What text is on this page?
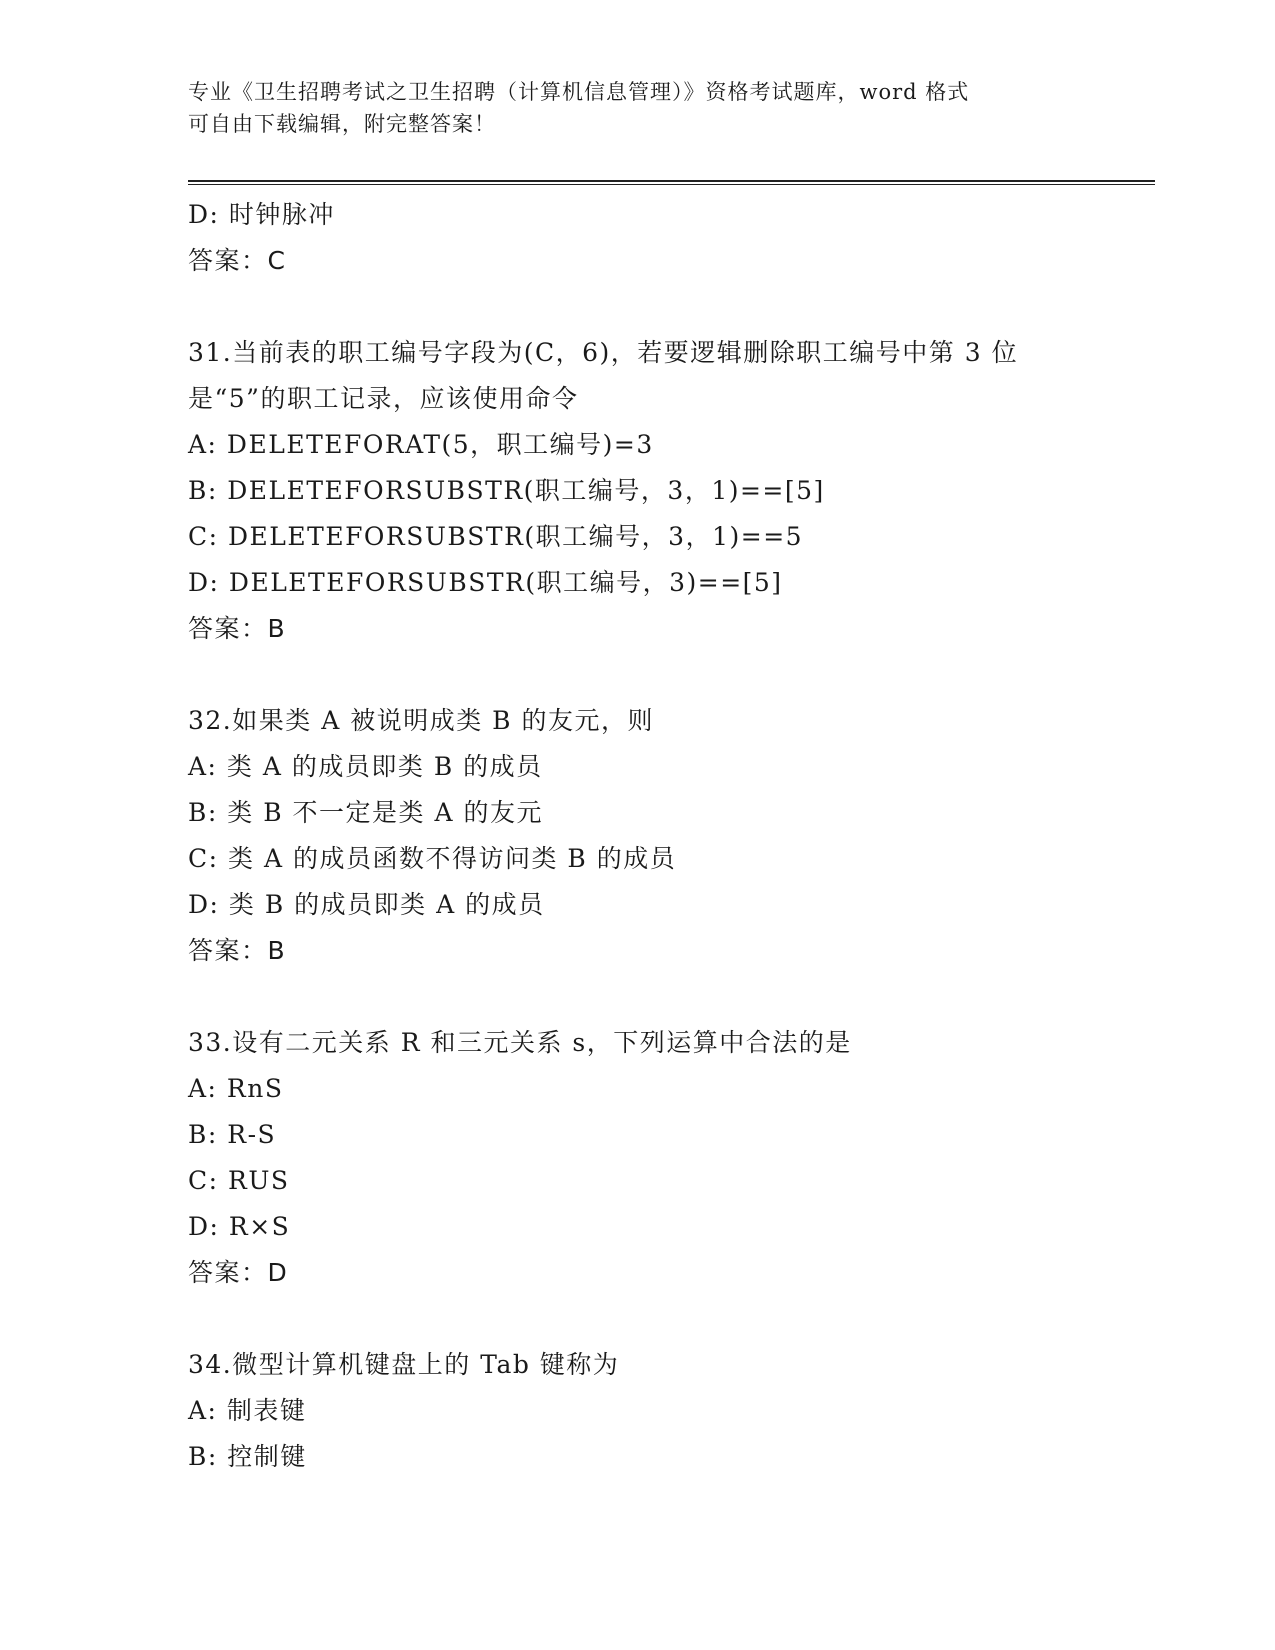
专业《卫生招聘考试之卫生招聘（计算机信息管理）》资格考试题库，word 格式
可自由下载编辑，附完整答案！
D: 时钟脉冲
答案：C
31.当前表的职工编号字段为(C，6)，若要逻辑删除职工编号中第 3 位
是“5”的职工记录，应该使用命令
A: DELETEFORAT(5，职工编号)=3
B: DELETEFORSUBSTR(职工编号，3，1)==[5]
C: DELETEFORSUBSTR(职工编号，3，1)==5
D: DELETEFORSUBSTR(职工编号，3)==[5]
答案：B
32.如果类 A 被说明成类 B 的友元，则
A: 类 A 的成员即类 B 的成员
B: 类 B 不一定是类 A 的友元
C: 类 A 的成员函数不得访问类 B 的成员
D: 类 B 的成员即类 A 的成员
答案：B
33.设有二元关系 R 和三元关系 s，下列运算中合法的是
A: RnS
B: R-S
C: RUS
D: R×S
答案：D
34.微型计算机键盘上的 Tab 键称为
A: 制表键
B: 控制键
